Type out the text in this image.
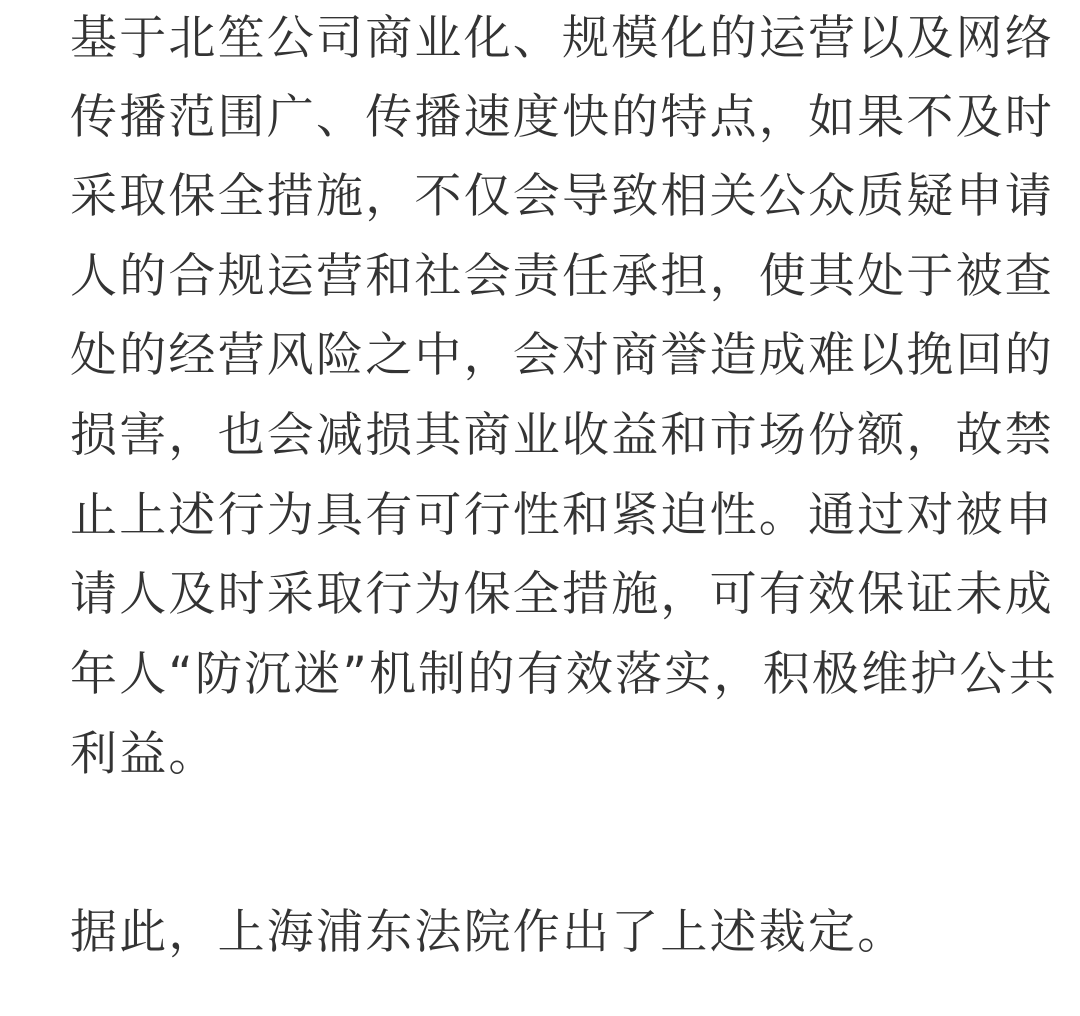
基于北笙公司商业化、规模化的运营以及网络
传播范围广、传播速度快的特点，如果不及时
采取保全措施，不仅会导致相关公众质疑申请
人的合规运营和社会责任承担，使其处于被查
处的经营风险之中，会对商誉造成难以挽回的
损害，也会减损其商业收益和市场份额，故禁
止上述行为具有可行性和紧迫性。通过对被申
请人及时采取行为保全措施，可有效保证未成
年人“防沉迷”机制的有效落实，积极维护公共
利益。
据此，上海浦东法院作出了上述裁定。
